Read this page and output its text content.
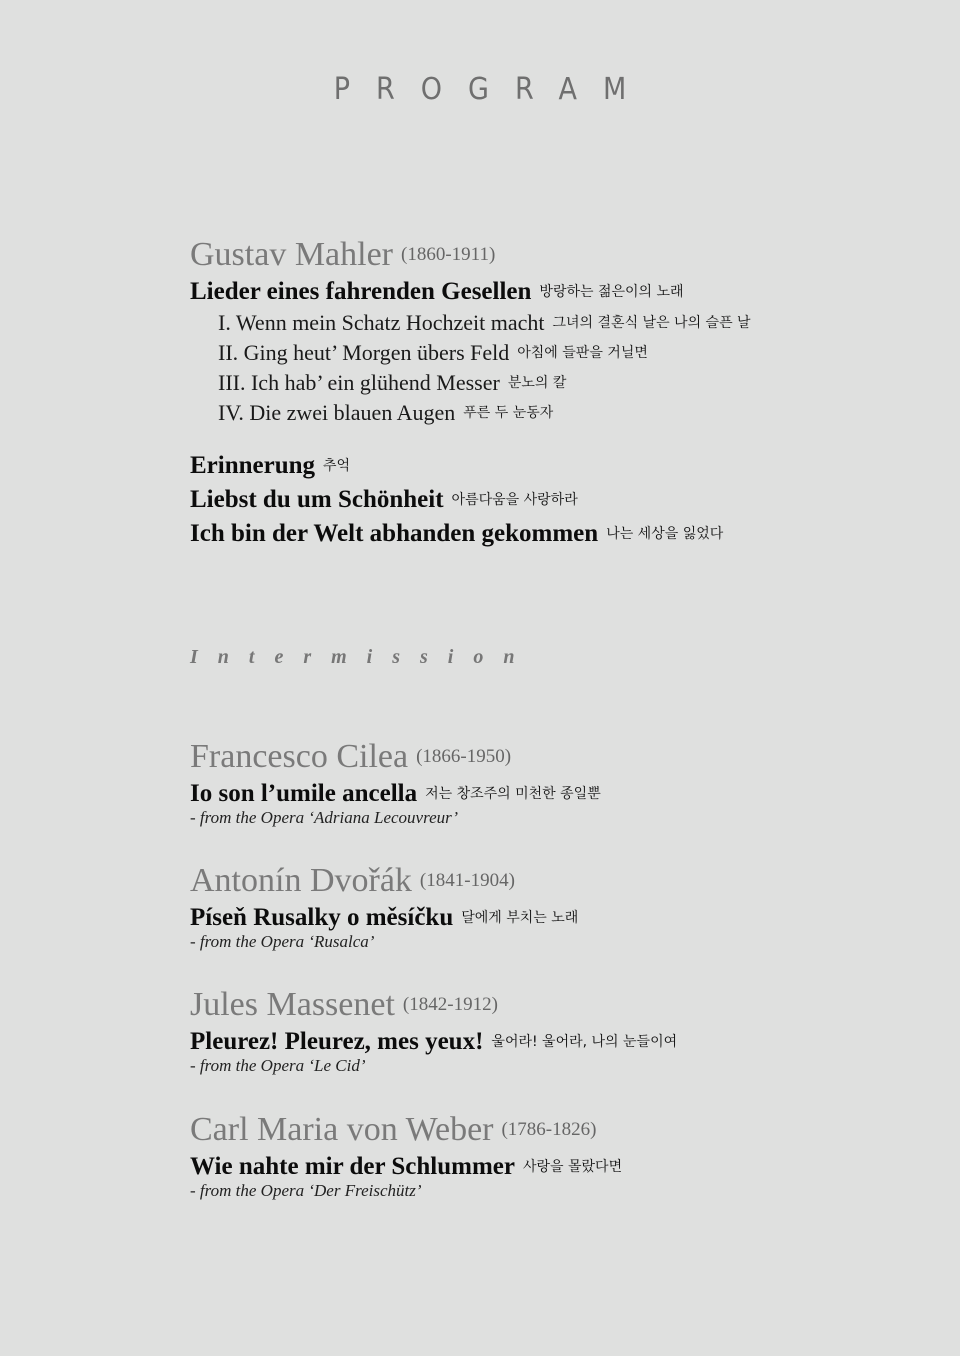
PROGRAM
Gustav Mahler (1860-1911)
Lieder eines fahrenden Gesellen 방랑하는 젊은이의 노래
I. Wenn mein Schatz Hochzeit macht 그녀의 결혼식 날은 나의 슬픈 날
II. Ging heut’ Morgen übers Feld 아침에 들판을 거닐면
III. Ich hab’ ein glühend Messer 분노의 칼
IV. Die zwei blauen Augen 푸른 두 눈동자
Erinnerung 추억
Liebst du um Schönheit 아름다움을 사랑하라
Ich bin der Welt abhanden gekommen 나는 세상을 잃었다
Intermission
Francesco Cilea (1866-1950)
Io son l’umile ancella 저는 창조주의 미천한 종일뿐
- from the Opera ‘Adriana Lecouvreur’
Antonín Dvořák (1841-1904)
Píseň Rusalky o měsíčku 달에게 부치는 노래
- from the Opera ‘Rusalca’
Jules Massenet (1842-1912)
Pleurez! Pleurez, mes yeux! 울어라! 울어라, 나의 눈들이여
- from the Opera ‘Le Cid’
Carl Maria von Weber (1786-1826)
Wie nahte mir der Schlummer 사랑을 몰랐다면
- from the Opera ‘Der Freischütz’
